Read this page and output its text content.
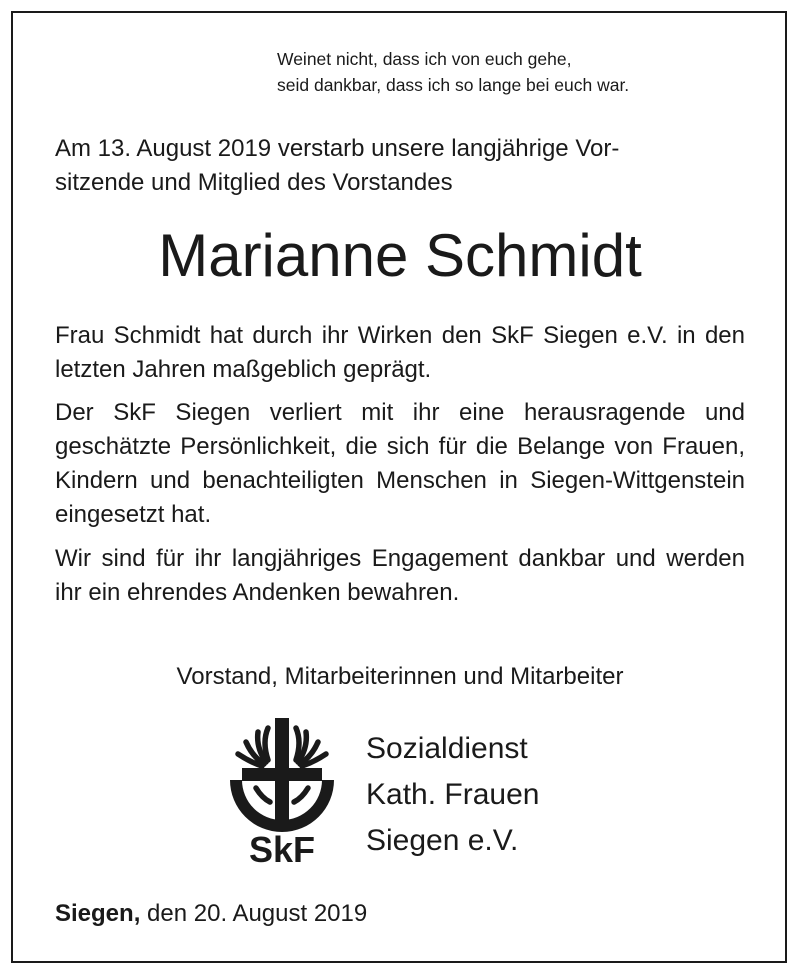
Weinet nicht, dass ich von euch gehe,
seid dankbar, dass ich so lange bei euch war.
Am 13. August 2019 verstarb unsere langjährige Vor-
sitzende und Mitglied des Vorstandes
Marianne Schmidt
Frau Schmidt hat durch ihr Wirken den SkF Siegen e.V. in den letzten Jahren maßgeblich geprägt.
Der SkF Siegen verliert mit ihr eine herausragende und geschätzte Persönlichkeit, die sich für die Belange von Frauen, Kindern und benachteiligten Menschen in Siegen-Wittgenstein eingesetzt hat.
Wir sind für ihr langjähriges Engagement dankbar und werden ihr ein ehrendes Andenken bewahren.
Vorstand, Mitarbeiterinnen und Mitarbeiter
SkF
Sozialdienst
Kath. Frauen
Siegen e.V.
Siegen, den 20. August 2019
